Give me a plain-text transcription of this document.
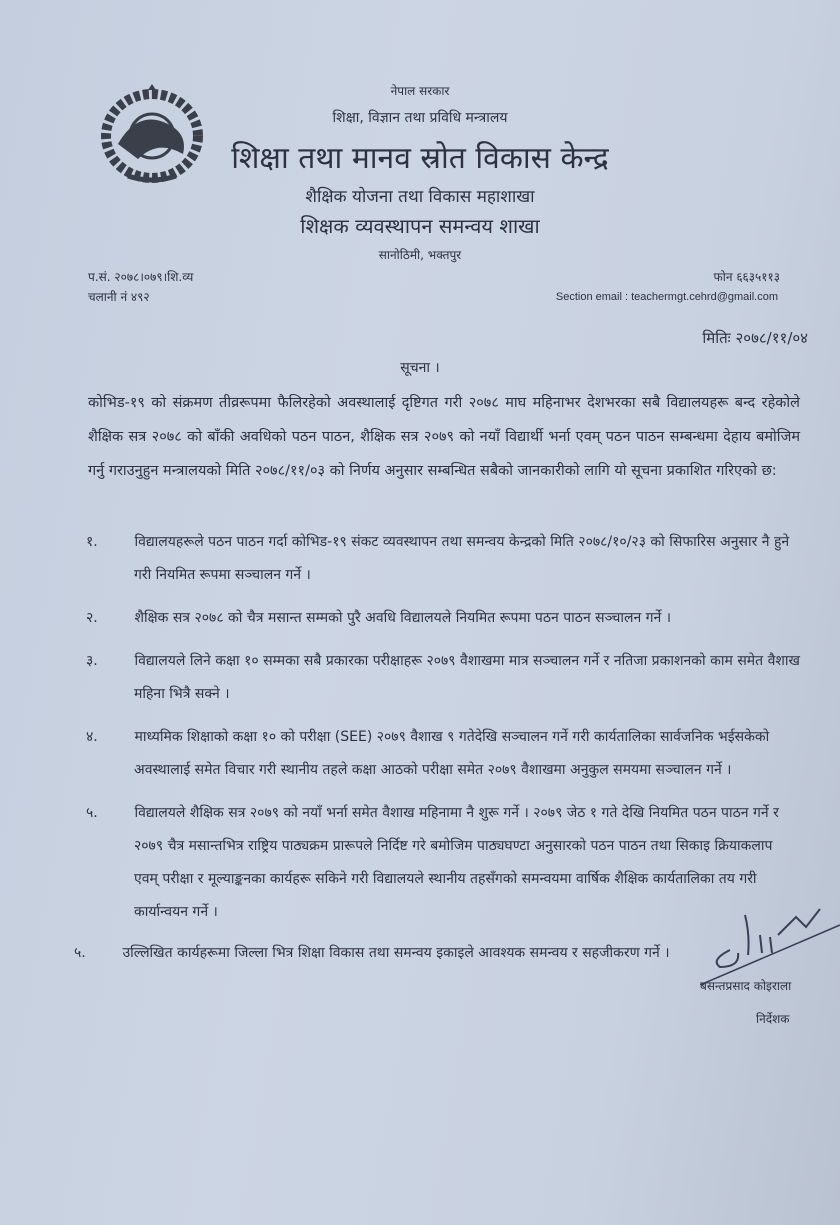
नेपाल सरकार
शिक्षा, विज्ञान तथा प्रविधि मन्त्रालय
शिक्षा तथा मानव स्रोत विकास केन्द्र
शैक्षिक योजना तथा विकास महाशाखा
शिक्षक व्यवस्थापन समन्वय शाखा
सानोठिमी, भक्तपुर
प.सं. २०७८।०७९।शि.व्य
चलानी नं ४९२
फोन ६६३५११३
Section email : teachermgt.cehrd@gmail.com
मितिः २०७८/११/०४
सूचना ।
कोभिड-१९ को संक्रमण तीव्ररूपमा फैलिरहेको अवस्थालाई दृष्टिगत गरी २०७८ माघ महिनाभर देशभरका सबै विद्यालयहरू बन्द रहेकोले शैक्षिक सत्र २०७८ को बाँकी अवधिको पठन पाठन, शैक्षिक सत्र २०७९ को नयाँ विद्यार्थी भर्ना एवम् पठन पाठन सम्बन्धमा देहाय बमोजिम गर्नु गराउनुहुन मन्त्रालयको मिति २०७८/११/०३ को निर्णय अनुसार सम्बन्धित सबैको जानकारीको लागि यो सूचना प्रकाशित गरिएको छ:
१.	विद्यालयहरूले पठन पाठन गर्दा कोभिड-१९ संकट व्यवस्थापन तथा समन्वय केन्द्रको मिति २०७८/१०/२३ को सिफारिस अनुसार नै हुने गरी नियमित रूपमा सञ्चालन गर्ने ।
२.	शैक्षिक सत्र २०७८ को चैत्र मसान्त सम्मको पुरै अवधि विद्यालयले नियमित रूपमा पठन पाठन सञ्चालन गर्ने ।
३.	विद्यालयले लिने कक्षा १० सम्मका सबै प्रकारका परीक्षाहरू २०७९ वैशाखमा मात्र सञ्चालन गर्ने र नतिजा प्रकाशनको काम समेत वैशाख महिना भित्रै सक्ने ।
४.	माध्यमिक शिक्षाको कक्षा १० को परीक्षा (SEE) २०७९ वैशाख ९ गतेदेखि सञ्चालन गर्ने गरी कार्यतालिका सार्वजनिक भईसकेको अवस्थालाई समेत विचार गरी स्थानीय तहले कक्षा आठको परीक्षा समेत २०७९ वैशाखमा अनुकुल समयमा सञ्चालन गर्ने ।
५.	विद्यालयले शैक्षिक सत्र २०७९ को नयाँ भर्ना समेत वैशाख महिनामा नै शुरू गर्ने । २०७९ जेठ १ गते देखि नियमित पठन पाठन गर्ने र २०७९ चैत्र मसान्तभित्र राष्ट्रिय पाठ्यक्रम प्रारूपले निर्दिष्ट गरे बमोजिम पाठ्यघण्टा अनुसारको पठन पाठन तथा सिकाइ क्रियाकलाप एवम् परीक्षा र मूल्याङ्कनका कार्यहरू सकिने गरी विद्यालयले स्थानीय तहसँगको समन्वयमा वार्षिक शैक्षिक कार्यतालिका तय गरी कार्यान्वयन गर्ने ।
५.	उल्लिखित कार्यहरूमा जिल्ला भित्र शिक्षा विकास तथा समन्वय इकाइले आवश्यक समन्वय र सहजीकरण गर्ने ।
बसन्तप्रसाद कोइराला
निर्देशक
